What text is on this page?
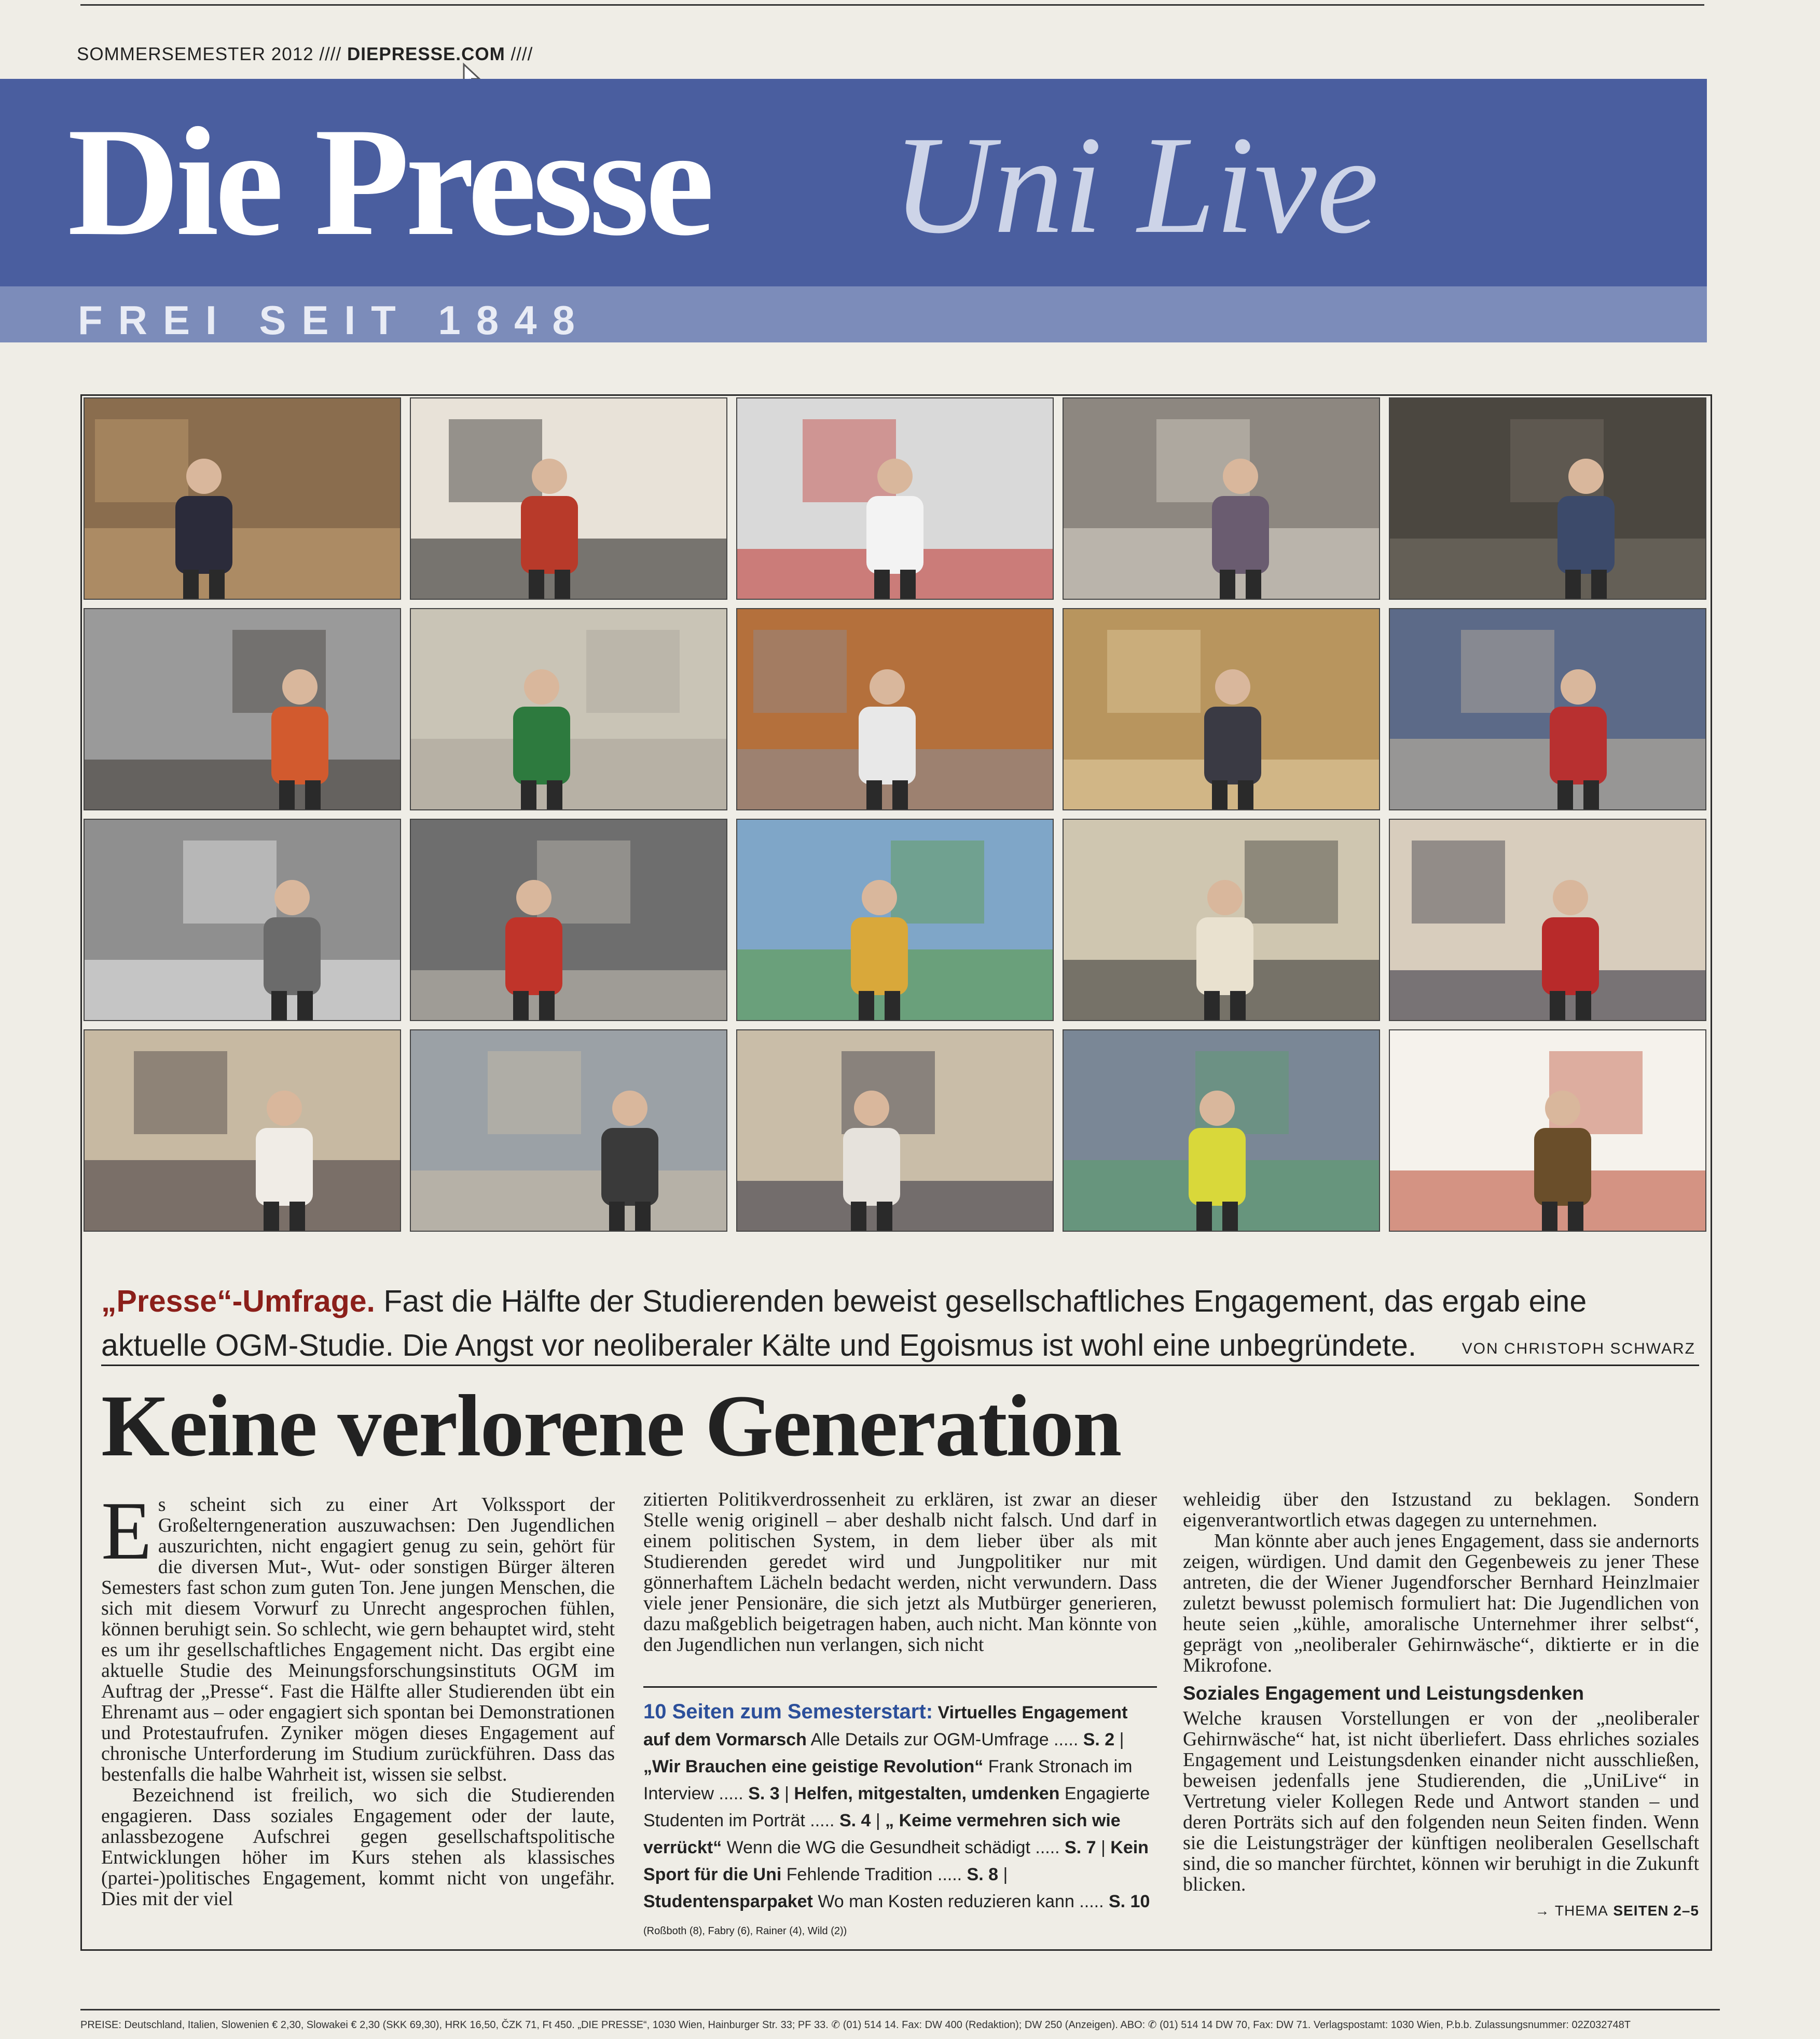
SOMMERSEMESTER 2012 //// DIEPRESSE.COM ////
Die Presse Uni Live
FREI SEIT 1848
„Presse“-Umfrage. Fast die Hälfte der Studierenden beweist gesellschaftliches Engagement, das ergab eine aktuelle OGM-Studie. Die Angst vor neoliberaler Kälte und Egoismus ist wohl eine unbegründete.	VON CHRISTOPH SCHWARZ
Keine verlorene Generation

Es scheint sich zu einer Art Volkssport der Großelterngeneration auszuwachsen: Den Jugendlichen auszurichten, nicht engagiert genug zu sein, gehört für die diversen Mut-, Wut- oder sonstigen Bürger älteren Semesters fast schon zum guten Ton. Jene jungen Menschen, die sich mit diesem Vorwurf zu Unrecht angesprochen fühlen, können beruhigt sein. So schlecht, wie gern behauptet wird, steht es um ihr gesellschaftliches Engagement nicht. Das ergibt eine aktuelle Studie des Meinungsforschungsinstituts OGM im Auftrag der „Presse“. Fast die Hälfte aller Studierenden übt ein Ehrenamt aus – oder engagiert sich spontan bei Demonstrationen und Protestaufrufen. Zyniker mögen dieses Engagement auf chronische Unterforderung im Studium zurückführen. Dass das bestenfalls die halbe Wahrheit ist, wissen sie selbst.

Bezeichnend ist freilich, wo sich die Studierenden engagieren. Dass soziales Engagement oder der laute, anlassbezogene Aufschrei gegen gesellschaftspolitische Entwicklungen höher im Kurs stehen als klassisches (partei-)politisches Engagement, kommt nicht von ungefähr. Dies mit der viel

zitierten Politikverdrossenheit zu erklären, ist zwar an dieser Stelle wenig originell – aber deshalb nicht falsch. Und darf in einem politischen System, in dem lieber über als mit Studierenden geredet wird und Jungpolitiker nur mit gönnerhaftem Lächeln bedacht werden, nicht verwundern. Dass viele jener Pensionäre, die sich jetzt als Mutbürger generieren, dazu maßgeblich beigetragen haben, auch nicht. Man könnte von den Jugendlichen nun verlangen, sich nicht

10 Seiten zum Semesterstart: Virtuelles Engagement auf dem Vormarsch Alle Details zur OGM-Umfrage ..... S. 2 | „Wir Brauchen eine geistige Revolution“ Frank Stronach im Interview ..... S. 3 | Helfen, mitgestalten, umdenken Engagierte Studenten im Porträt ..... S. 4 | „ Keime vermehren sich wie verrückt“ Wenn die WG die Gesundheit schädigt ..... S. 7 | Kein Sport für die Uni Fehlende Tradition ..... S. 8 | Studentensparpaket Wo man Kosten reduzieren kann ..... S. 10 (Roßboth (8), Fabry (6), Rainer (4), Wild (2))

wehleidig über den Istzustand zu beklagen. Sondern eigenverantwortlich etwas dagegen zu unternehmen.

Man könnte aber auch jenes Engagement, dass sie andernorts zeigen, würdigen. Und damit den Gegenbeweis zu jener These antreten, die der Wiener Jugendforscher Bernhard Heinzlmaier zuletzt bewusst polemisch formuliert hat: Die Jugendlichen von heute seien „kühle, amoralische Unternehmer ihrer selbst“, geprägt von „neoliberaler Gehirnwäsche“, diktierte er in die Mikrofone.

Soziales Engagement und Leistungsdenken

Welche krausen Vorstellungen er von der „neoliberaler Gehirnwäsche“ hat, ist nicht überliefert. Dass ehrliches soziales Engagement und Leistungsdenken einander nicht ausschließen, beweisen jedenfalls jene Studierenden, die „UniLive“ in Vertretung vieler Kollegen Rede und Antwort standen – und deren Porträts sich auf den folgenden neun Seiten finden. Wenn sie die Leistungsträger der künftigen neoliberalen Gesellschaft sind, die so mancher fürchtet, können wir beruhigt in die Zukunft blicken.

→ THEMA SEITEN 2–5

PREISE: Deutschland, Italien, Slowenien € 2,30, Slowakei € 2,30 (SKK 69,30), HRK 16,50, ČZK 71, Ft 450. „DIE PRESSE“, 1030 Wien, Hainburger Str. 33; PF 33. ✆ (01) 514 14. Fax: DW 400 (Redaktion); DW 250 (Anzeigen). ABO: ✆ (01) 514 14 DW 70, Fax: DW 71. Verlagspostamt: 1030 Wien, P.b.b. Zulassungsnummer: 02Z032748T
